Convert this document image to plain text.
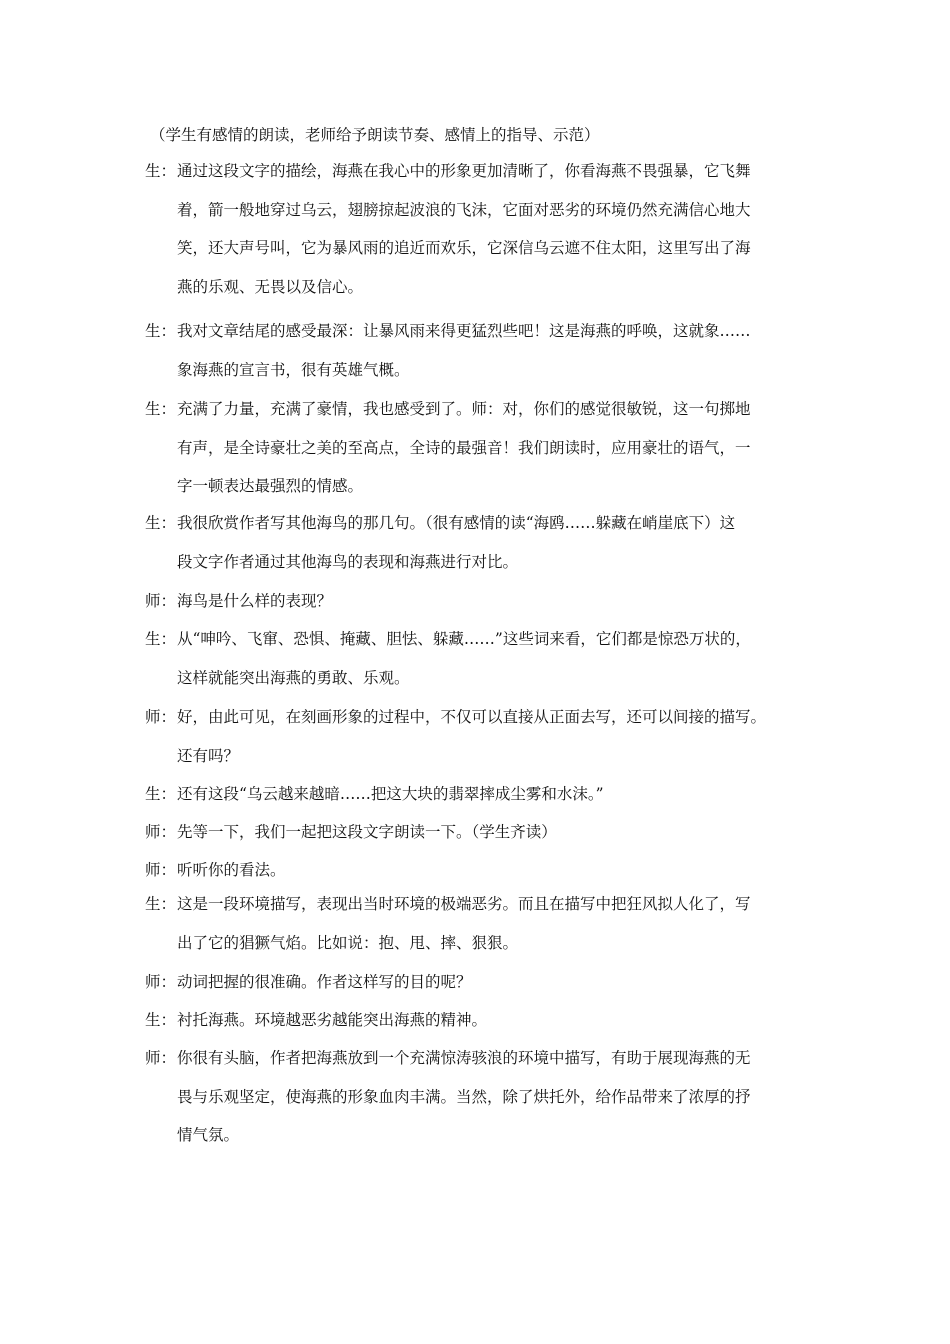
（学生有感情的朗读，老师给予朗读节奏、感情上的指导、示范）
生： 通过这段文字的描绘，海燕在我心中的形象更加清晰了，你看海燕不畏强暴，它飞舞
着，箭一般地穿过乌云，翅膀掠起波浪的飞沫，它面对恶劣的环境仍然充满信心地大
笑，还大声号叫，它为暴风雨的追近而欢乐，它深信乌云遮不住太阳，这里写出了海
燕的乐观、无畏以及信心。
生： 我对文章结尾的感受最深：让暴风雨来得更猛烈些吧！这是海燕的呼唤，这就象……
象海燕的宣言书，很有英雄气概。
生： 充满了力量，充满了豪情，我也感受到了。师：对，你们的感觉很敏锐，这一句掷地
有声，是全诗豪壮之美的至高点，全诗的最强音！我们朗读时，应用豪壮的语气，一
字一顿表达最强烈的情感。
生： 我很欣赏作者写其他海鸟的那几句。（很有感情的读“海鸥……躲藏在峭崖底下）这
段文字作者通过其他海鸟的表现和海燕进行对比。
师： 海鸟是什么样的表现？
生： 从“呻吟、飞窜、恐惧、掩藏、胆怯、躲藏……”这些词来看，它们都是惊恐万状的，
这样就能突出海燕的勇敢、乐观。
师： 好，由此可见，在刻画形象的过程中，不仅可以直接从正面去写，还可以间接的描写。
还有吗？
生： 还有这段“乌云越来越暗……把这大块的翡翠摔成尘雾和水沫。”
师： 先等一下，我们一起把这段文字朗读一下。（学生齐读）
师： 听听你的看法。
生： 这是一段环境描写，表现出当时环境的极端恶劣。而且在描写中把狂风拟人化了，写
出了它的猖獗气焰。比如说：抱、甩、摔、狠狠。
师： 动词把握的很准确。作者这样写的目的呢？
生： 衬托海燕。环境越恶劣越能突出海燕的精神。
师： 你很有头脑，作者把海燕放到一个充满惊涛骇浪的环境中描写，有助于展现海燕的无
畏与乐观坚定，使海燕的形象血肉丰满。当然，除了烘托外，给作品带来了浓厚的抒
情气氛。
